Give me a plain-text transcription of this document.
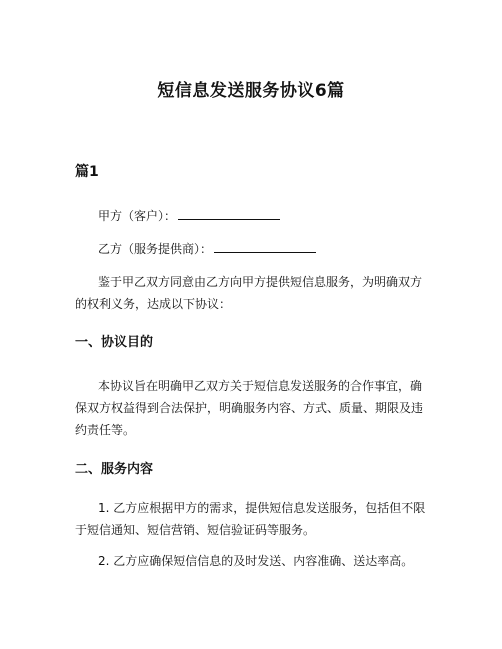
短信息发送服务协议6篇
篇1
甲方（客户）：
乙方（服务提供商）：
鉴于甲乙双方同意由乙方向甲方提供短信息服务，为明确双方的权利义务，达成以下协议：
一、协议目的
本协议旨在明确甲乙双方关于短信息发送服务的合作事宜，确保双方权益得到合法保护，明确服务内容、方式、质量、期限及违约责任等。
二、服务内容
1. 乙方应根据甲方的需求，提供短信息发送服务，包括但不限于短信通知、短信营销、短信验证码等服务。
2. 乙方应确保短信信息的及时发送、内容准确、送达率高。
